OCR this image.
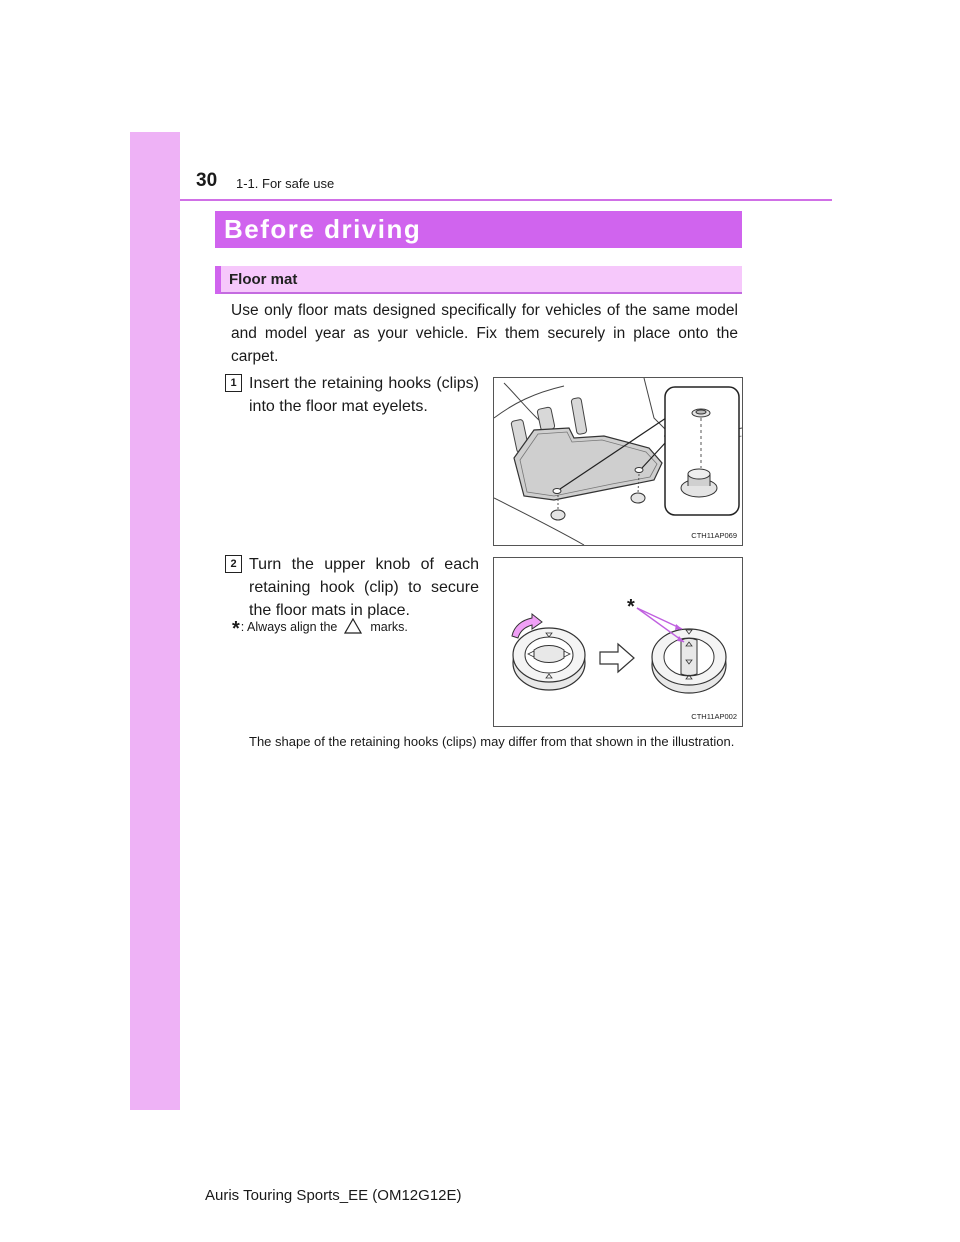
30 1-1. For safe use
Before driving
Floor mat

Use only floor mats designed specifically for vehicles of the same model and model year as your vehicle. Fix them securely in place onto the carpet.

1 Insert the retaining hooks (clips) into the floor mat eyelets.

CTH11AP069
2 Turn the upper knob of each retaining hook (clip) to secure the floor mats in place.

*: Always align the	marks.
*
CTH11AP002

The shape of the retaining hooks (clips) may differ from that shown in the illustration.

Auris Touring Sports_EE (OM12G12E)
